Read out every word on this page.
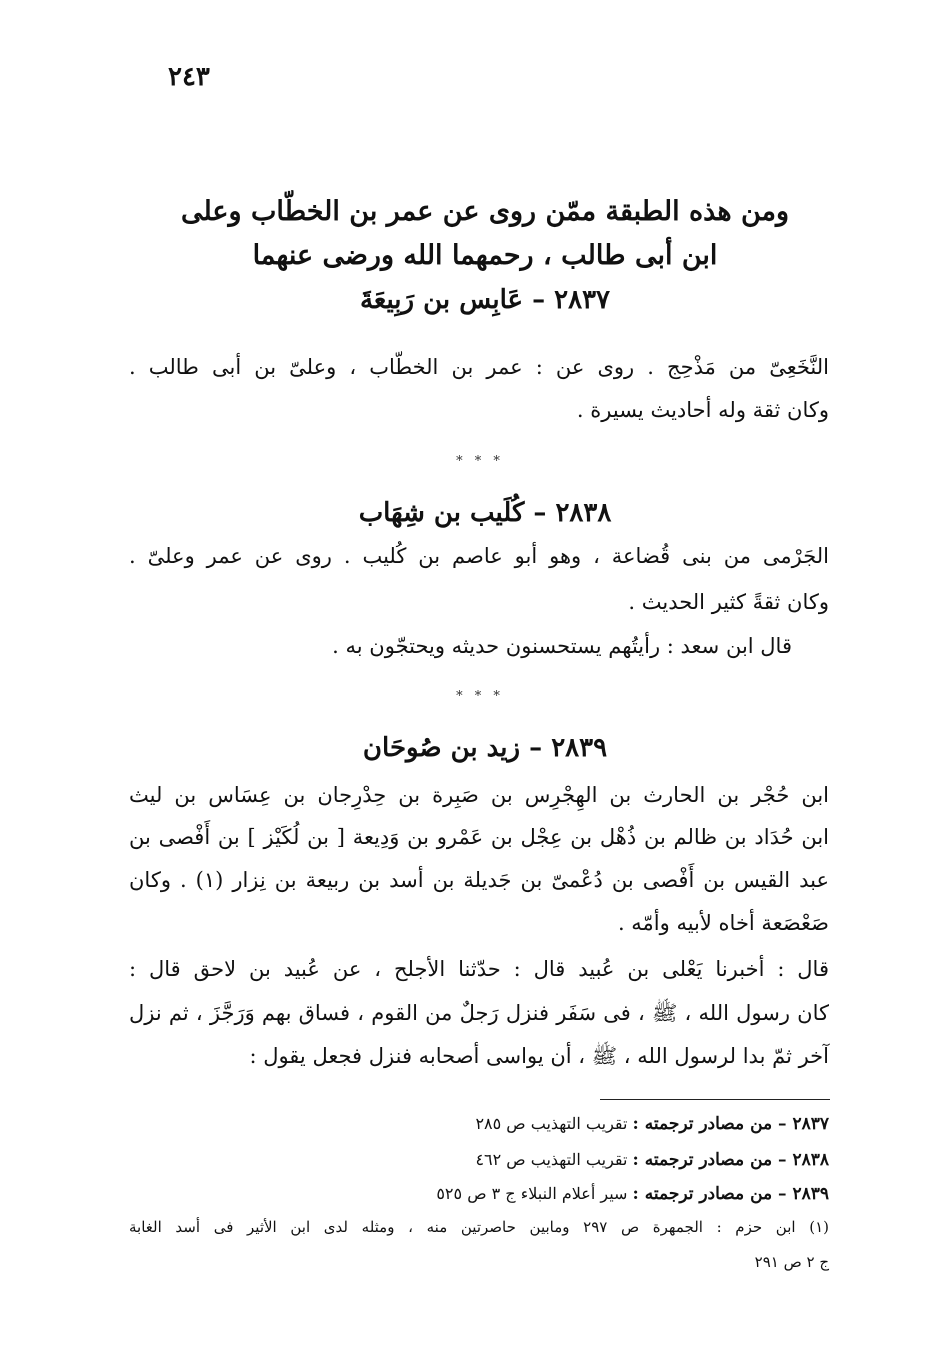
٢٤٣
ومن هذه الطبقة ممّن روى عن عمر بن الخطّاب وعلى
ابن أبى طالب ، رحمهما الله ورضى عنهما
٢٨٣٧ – عَابِس بن رَبِيعَةَ
النَّخَعِىّ من مَذْحِج . روى عن : عمر بن الخطّاب ، وعلىّ بن أبى طالب .
وكان ثقة وله أحاديث يسيرة .
* * *
٢٨٣٨ – كُلَيب بن شِهَاب
الجَرْمى من بنى قُضاعة ، وهو أبو عاصم بن كُليب . روى عن عمر وعلىّ .
وكان ثقةً كثير الحديث .
قال ابن سعد : رأيتُهم يستحسنون حديثه ويحتجّون به .
* * *
٢٨٣٩ – زيد بن صُوحَان
ابن حُجْر بن الحارث بن الهِجْرِس بن صَبِرة بن حِدْرِجان بن عِسَاس بن ليث
ابن حُدَاد بن ظالم بن ذُهْل بن عِجْل بن عَمْرو بن وَدِيعة [ بن لُكَيْز ] بن أَفْصى بن
عبد القيس بن أَفْصى بن دُعْمىّ بن جَديلة بن أسد بن ربيعة بن نِزار (١) . وكان
صَعْصَعة أخاه لأبيه وأمّه .
قال : أخبرنا يَعْلى بن عُبيد قال : حدّثنا الأجلح ، عن عُبيد بن لاحق قال :
كان رسول الله ، ﷺ ، فى سَفَر فنزل رَجلٌ من القوم ، فساق بهم وَرَجَّزَ ، ثم نزل
آخر ثمّ بدا لرسول الله ، ﷺ ، أن يواسى أصحابه فنزل فجعل يقول :
٢٨٣٧ – من مصادر ترجمته : تقريب التهذيب ص ٢٨٥
٢٨٣٨ – من مصادر ترجمته : تقريب التهذيب ص ٤٦٢
٢٨٣٩ – من مصادر ترجمته : سير أعلام النبلاء ج ٣ ص ٥٢٥
(١) ابن حزم : الجمهرة ص ٢٩٧ ومابين حاصرتين منه ، ومثله لدى ابن الأثير فى أسد الغابة
ج ٢ ص ٢٩١
